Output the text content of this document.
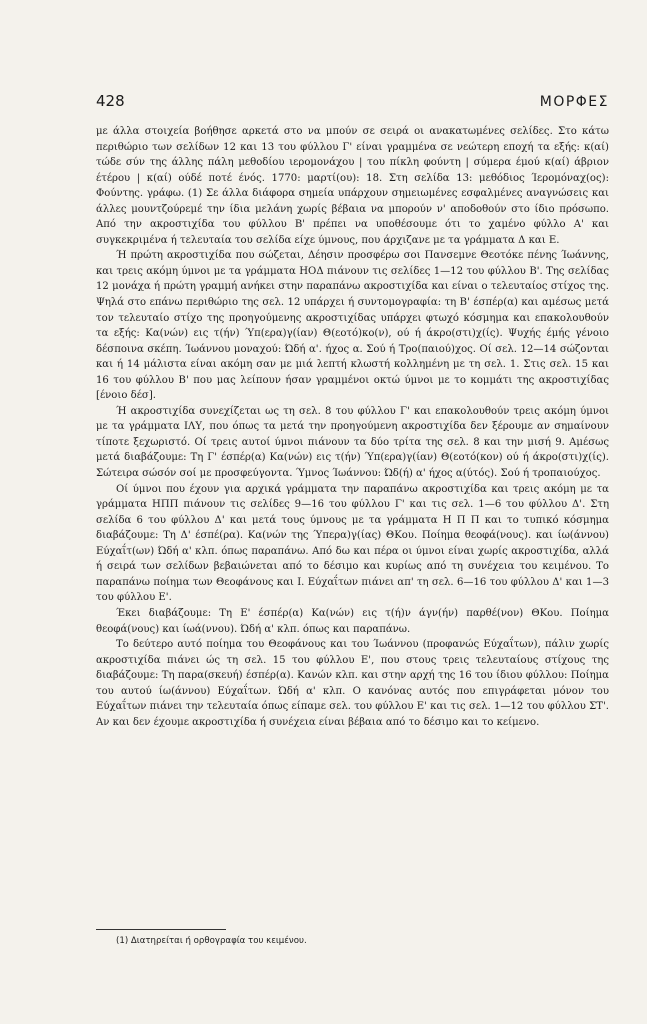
428	ΜΟΡΦΕΣ

με άλλα στοιχεία βοήθησε αρκετά στο να μπούν σε σειρά οι ανακατωμένες σελίδες. Στο κάτω περιθώριο των σελίδων 12 και 13 του φύλλου Γ' είναι γραμμένα σε νεώτερη εποχή τα εξής: κ(αί) τώδε σύν της άλλης πάλη μεθοδίου ιερομονάχου | του πίκλη φούντη | σύμερα έμού κ(αί) άβριον έτέρου | κ(αί) ούδέ ποτέ ένός. 1770: μαρτί(ου): 18. Στη σελίδα 13: μεθόδιος Ίερομόναχ(ος): Φούντης. γράφω. (1) Σε άλλα διάφορα σημεία υπάρχουν σημειωμένες εσφαλμένες αναγνώσεις και άλλες μουντζούρεμέ την ίδια μελάνη χωρίς βέβαια να μπορούν ν' αποδοθούν στο ίδιο πρόσωπο. Από την ακροστιχίδα του φύλλου Β' πρέπει να υποθέσουμε ότι το χαμένο φύλλο Α' και συγκεκριμένα ή τελευταία του σελίδα είχε ύμνους, που άρχιζανε με τα γράμματα Δ και Ε.

Ή πρώτη ακροστιχίδα που σώζεται, Δέησιν προσφέρω σοι Πανσεμνε Θεοτόκε πένης Ίωάννης, και τρεις ακόμη ύμνοι με τα γράμματα ΗΟΔ πιάνουν τις σελίδες 1—12 του φύλλου Β'. Της σελίδας 12 μονάχα ή πρώτη γραμμή ανήκει στην παραπάνω ακροστιχίδα και είναι ο τελευταίος στίχος της. Ψηλά στο επάνω περιθώριο της σελ. 12 υπάρχει ή συντομογραφία: τη Β' έσπέρ(α) και αμέσως μετά τον τελευταίο στίχο της προηγούμενης ακροστιχίδας υπάρχει φτωχό κόσμημα και επακολουθούν τα εξής: Κα(νών) εις τ(ήν) Ύπ(ερα)γ(ίαν) Θ(εοτό)κο(ν), ού ή άκρο(στι)χ(ίς). Ψυχής έμής γένοιο δέσποινα σκέπη. Ίωάννου μοναχού: Ώδή α'. ήχος α. Σού ή Τρο(παιού)χος. Οί σελ. 12—14 σώζονται και ή 14 μάλιστα είναι ακόμη σαν με μιά λεπτή κλωστή κολλημένη με τη σελ. 1. Στις σελ. 15 και 16 του φύλλου Β' που μας λείπουν ήσαν γραμμένοι οκτώ ύμνοι με το κομμάτι της ακροστιχίδας [ένοιο δέσ].

Ή ακροστιχίδα συνεχίζεται ως τη σελ. 8 του φύλλου Γ' και επακολουθούν τρεις ακόμη ύμνοι με τα γράμματα ΙΛΥ, που όπως τα μετά την προηγούμενη ακροστιχίδα δεν ξέρουμε αν σημαίνουν τίποτε ξεχωριστό. Οί τρεις αυτοί ύμνοι πιάνουν τα δύο τρίτα της σελ. 8 και την μισή 9. Αμέσως μετά διαβάζουμε: Τη Γ' έσπέρ(α) Κα(νών) εις τ(ήν) Ύπ(ερα)γ(ίαν) Θ(εοτό(κον) ού ή άκρο(στι)χ(ίς). Σώτειρα σώσόν σοί με προσφεύγοντα. Ύμνος Ίωάννου: Ώδ(ή) α' ήχος α(ύτός). Σού ή τροπαιούχος.

Οί ύμνοι που έχουν για αρχικά γράμματα την παραπάνω ακροστιχίδα και τρεις ακόμη με τα γράμματα ΗΠΠ πιάνουν τις σελίδες 9—16 του φύλλου Γ' και τις σελ. 1—6 του φύλλου Δ'. Στη σελίδα 6 του φύλλου Δ' και μετά τους ύμνους με τα γράμματα Η Π Π και το τυπικό κόσμημα διαβάζουμε: Τη Δ' έσπέ(ρα). Κα(νών της Ύπερα)γ(ίας) ΘΚου. Ποίημα θεοφά(νους). και ίω(άννου) Εύχαΐτ(ων) Ώδή α' κλπ. όπως παραπάνω. Από δω και πέρα οι ύμνοι είναι χωρίς ακροστιχίδα, αλλά ή σειρά των σελίδων βεβαιώνεται από το δέσιμο και κυρίως από τη συνέχεια του κειμένου. Το παραπάνω ποίημα των Θεοφάνους και Ι. Εύχαΐτων πιάνει απ' τη σελ. 6—16 του φύλλου Δ' και 1—3 του φύλλου Ε'.

Έκει διαβάζουμε: Τη Ε' έσπέρ(α) Κα(νών) εις τ(ή)ν άγν(ήν) παρθέ(νον) ΘΚου. Ποίημα θεοφά(νους) και ίωά(ννου). Ώδή α' κλπ. όπως και παραπάνω.

Το δεύτερο αυτό ποίημα του Θεοφάνους και του Ίωάννου (προφανώς Εύχαΐτων), πάλιν χωρίς ακροστιχίδα πιάνει ώς τη σελ. 15 του φύλλου Ε', που στους τρεις τελευταίους στίχους της διαβάζουμε: Τη παρα(σκευή) έσπέρ(α). Κανών κλπ. και στην αρχή της 16 του ίδιου φύλλου: Ποίημα του αυτού ίω(άννου) Εύχαΐτων. Ώδή α' κλπ. Ο κανόνας αυτός που επιγράφεται μόνον του Εύχαΐτων πιάνει την τελευταία όπως είπαμε σελ. του φύλλου Ε' και τις σελ. 1—12 του φύλλου ΣΤ'. Αν και δεν έχουμε ακροστιχίδα ή συνέχεια είναι βέβαια από το δέσιμο και το κείμενο.

(1) Διατηρείται ή ορθογραφία του κειμένου.
